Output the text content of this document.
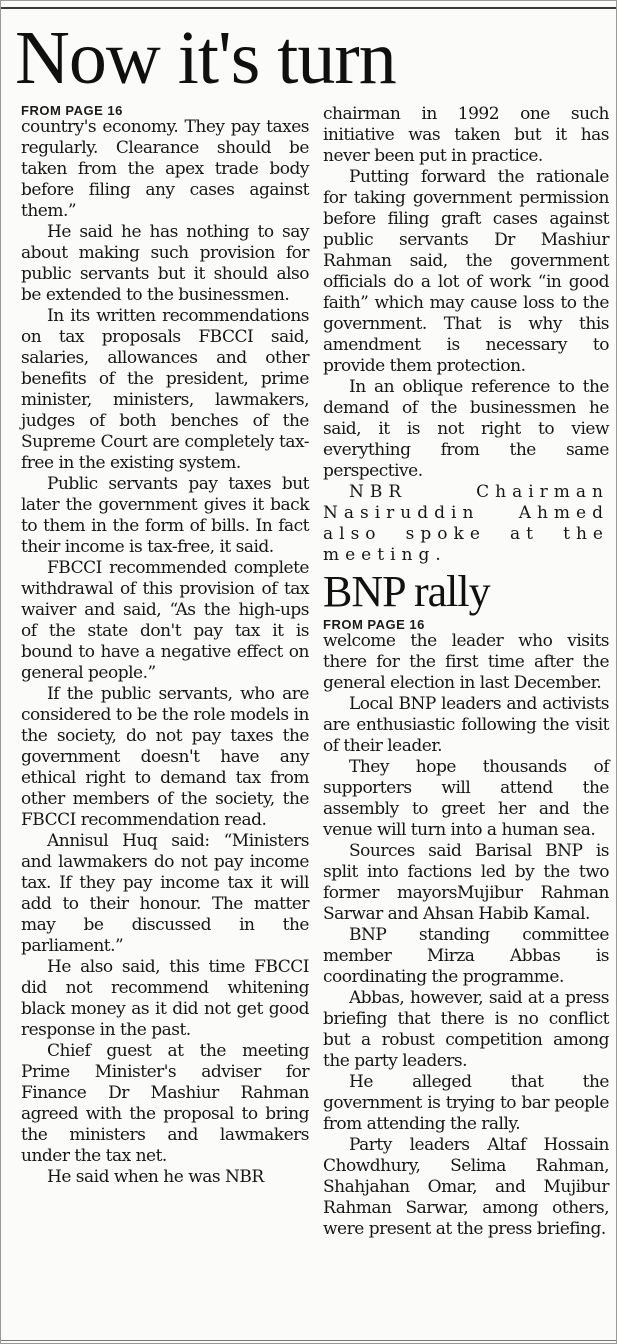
Now it's turn
FROM PAGE 16

country's economy. They pay taxes regularly. Clearance should be taken from the apex trade body before filing any cases against them.”

He said he has nothing to say about making such provision for public servants but it should also be extended to the businessmen.

In its written recommendations on tax proposals FBCCI said, salaries, allowances and other benefits of the president, prime minister, ministers, lawmakers, judges of both benches of the Supreme Court are completely tax-free in the existing system.

Public servants pay taxes but later the government gives it back to them in the form of bills. In fact their income is tax-free, it said.

FBCCI recommended complete withdrawal of this provision of tax waiver and said, “As the high-ups of the state don't pay tax it is bound to have a negative effect on general people.”

If the public servants, who are considered to be the role models in the society, do not pay taxes the government doesn't have any ethical right to demand tax from other members of the society, the FBCCI recommendation read.

Annisul Huq said: “Ministers and lawmakers do not pay income tax. If they pay income tax it will add to their honour. The matter may be discussed in the parliament.”

He also said, this time FBCCI did not recommend whitening black money as it did not get good response in the past.

Chief guest at the meeting Prime Minister's adviser for Finance Dr Mashiur Rahman agreed with the proposal to bring the ministers and lawmakers under the tax net.

He said when he was NBR

chairman in 1992 one such initiative was taken but it has never been put in practice.

Putting forward the rationale for taking government permission before filing graft cases against public servants Dr Mashiur Rahman said, the government officials do a lot of work “in good faith” which may cause loss to the government. That is why this amendment is necessary to provide them protection.

In an oblique reference to the demand of the businessmen he said, it is not right to view everything from the same perspective.

NBR Chairman Nasiruddin Ahmed also spoke at the meeting.

BNP rally
FROM PAGE 16

welcome the leader who visits there for the first time after the general election in last December.

Local BNP leaders and activists are enthusiastic following the visit of their leader.

They hope thousands of supporters will attend the assembly to greet her and the venue will turn into a human sea.

Sources said Barisal BNP is split into factions led by the two former mayorsMujibur Rahman Sarwar and Ahsan Habib Kamal.

BNP standing committee member Mirza Abbas is coordinating the programme.

Abbas, however, said at a press briefing that there is no conflict but a robust competition among the party leaders.

He alleged that the government is trying to bar people from attending the rally.

Party leaders Altaf Hossain Chowdhury, Selima Rahman, Shahjahan Omar, and Mujibur Rahman Sarwar, among others, were present at the press briefing.
